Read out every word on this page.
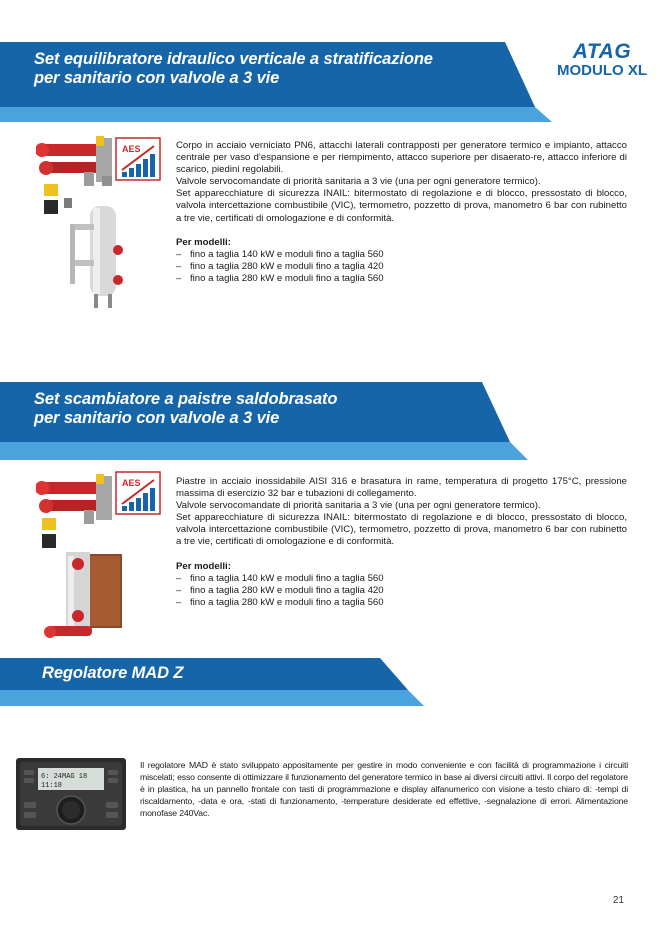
Set equilibratore idraulico verticale a stratificazione
per sanitario con valvole a 3 vie
ATAG
MODULO XL
AES	Corpo in acciaio verniciato PN6, attacchi laterali contrapposti per generatore termico e impianto, attacco centrale per vaso d’espansione e per riempimento, attacco superiore per disaerato-re, attacco inferiore di scarico, piedini regolabili.

Valvole servocomandate di priorità sanitaria a 3 vie (una per ogni generatore termico).

Set apparecchiature di sicurezza INAIL: bitermostato di regolazione e di blocco, pressostato di blocco, valvola intercettazione combustibile (VIC), termometro, pozzetto di prova, manometro 6 bar con rubinetto a tre vie, certificati di omologazione e di conformità.

Per modelli:

– fino a taglia 140 kW e moduli fino a taglia 560
– fino a taglia 280 kW e moduli fino a taglia 420
– fino a taglia 280 kW e moduli fino a taglia 560
Set scambiatore a paistre saldobrasato
per sanitario con valvole a 3 vie
AES	Piastre in acciaio inossidabile AISI 316 e brasatura in rame, temperatura di progetto 175°C, pressione massima di esercizio 32 bar e tubazioni di collegamento.

Valvole servocomandate di priorità sanitaria a 3 vie (una per ogni generatore termico).

Set apparecchiature di sicurezza INAIL: bitermostato di regolazione e di blocco, pressostato di blocco, valvola intercettazione combustibile (VIC), termometro, pozzetto di prova, manometro 6 bar con rubinetto a tre vie, certificati di omologazione e di conformità.

Per modelli:

– fino a taglia 140 kW e moduli fino a taglia 560
– fino a taglia 280 kW e moduli fino a taglia 420
– fino a taglia 280 kW e moduli fino a taglia 560
Regolatore MAD Z
6: 24MAG 18
11:18
Il regolatore MAD è stato sviluppato appositamente per gestire in modo conveniente e con facilità di programmazione i circuiti miscelati; esso consente di ottimizzare il funzionamento del generatore termico in base ai diversi circuiti attivi. Il corpo del regolatore è in plastica, ha un pannello frontale con tasti di programmazione e display alfanumerico con visione a testo chiaro di: -tempi di riscaldamento, -data e ora, -stati di funzionamento, -temperature desiderate ed effettive, -segnalazione di errori. Alimentazione monofase 240Vac.
21
